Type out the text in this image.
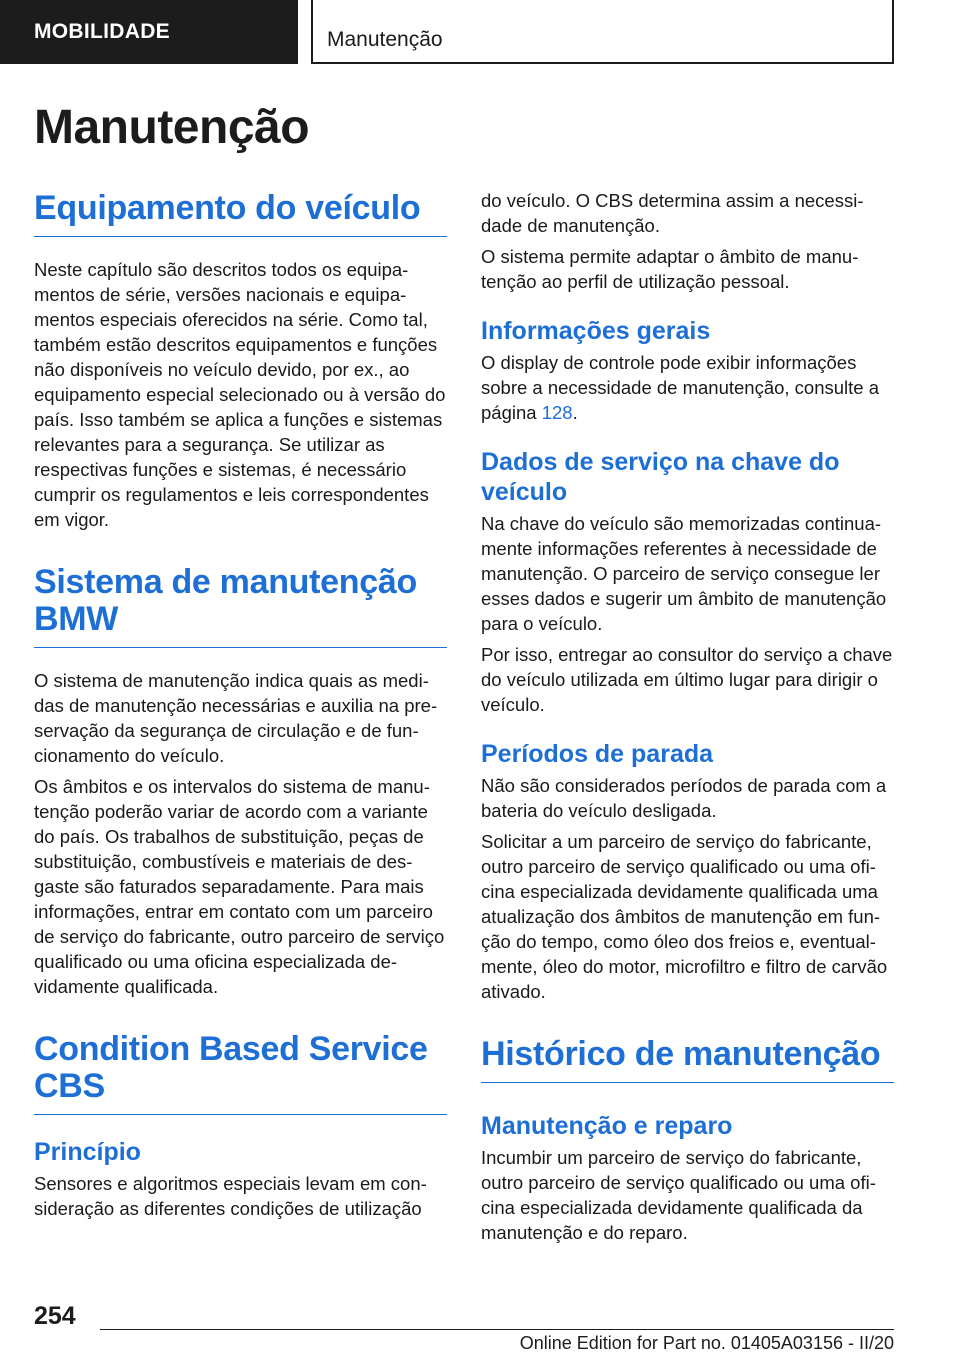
MOBILIDADE	Manutenção
Manutenção
Equipamento do veículo

Neste capítulo são descritos todos os equipamentos de série, versões nacionais e equipamentos especiais oferecidos na série. Como tal, também estão descritos equipamentos e funções não disponíveis no veículo devido, por ex., ao equipamento especial selecionado ou à versão do país. Isso também se aplica a funções e sistemas relevantes para a segurança. Se utilizar as respectivas funções e sistemas, é necessário cumprir os regulamentos e leis correspondentes em vigor.

Sistema de manutenção BMW

O sistema de manutenção indica quais as medidas de manutenção necessárias e auxilia na preservação da segurança de circulação e de funcionamento do veículo.

Os âmbitos e os intervalos do sistema de manutenção poderão variar de acordo com a variante do país. Os trabalhos de substituição, peças de substituição, combustíveis e materiais de desgaste são faturados separadamente. Para mais informações, entrar em contato com um parceiro de serviço do fabricante, outro parceiro de serviço qualificado ou uma oficina especializada devidamente qualificada.

Condition Based Service CBS
Princípio

Sensores e algoritmos especiais levam em consideração as diferentes condições de utilização

do veículo. O CBS determina assim a necessidade de manutenção.

O sistema permite adaptar o âmbito de manutenção ao perfil de utilização pessoal.

Informações gerais

O display de controle pode exibir informações sobre a necessidade de manutenção, consulte a página 128.

Dados de serviço na chave do veículo

Na chave do veículo são memorizadas continuamente informações referentes à necessidade de manutenção. O parceiro de serviço consegue ler esses dados e sugerir um âmbito de manutenção para o veículo.

Por isso, entregar ao consultor do serviço a chave do veículo utilizada em último lugar para dirigir o veículo.

Períodos de parada

Não são considerados períodos de parada com a bateria do veículo desligada.

Solicitar a um parceiro de serviço do fabricante, outro parceiro de serviço qualificado ou uma oficina especializada devidamente qualificada uma atualização dos âmbitos de manutenção em função do tempo, como óleo dos freios e, eventualmente, óleo do motor, microfiltro e filtro de carvão ativado.

Histórico de manutenção
Manutenção e reparo

Incumbir um parceiro de serviço do fabricante, outro parceiro de serviço qualificado ou uma oficina especializada devidamente qualificada da manutenção e do reparo.

254
Online Edition for Part no. 01405A03156 - II/20
